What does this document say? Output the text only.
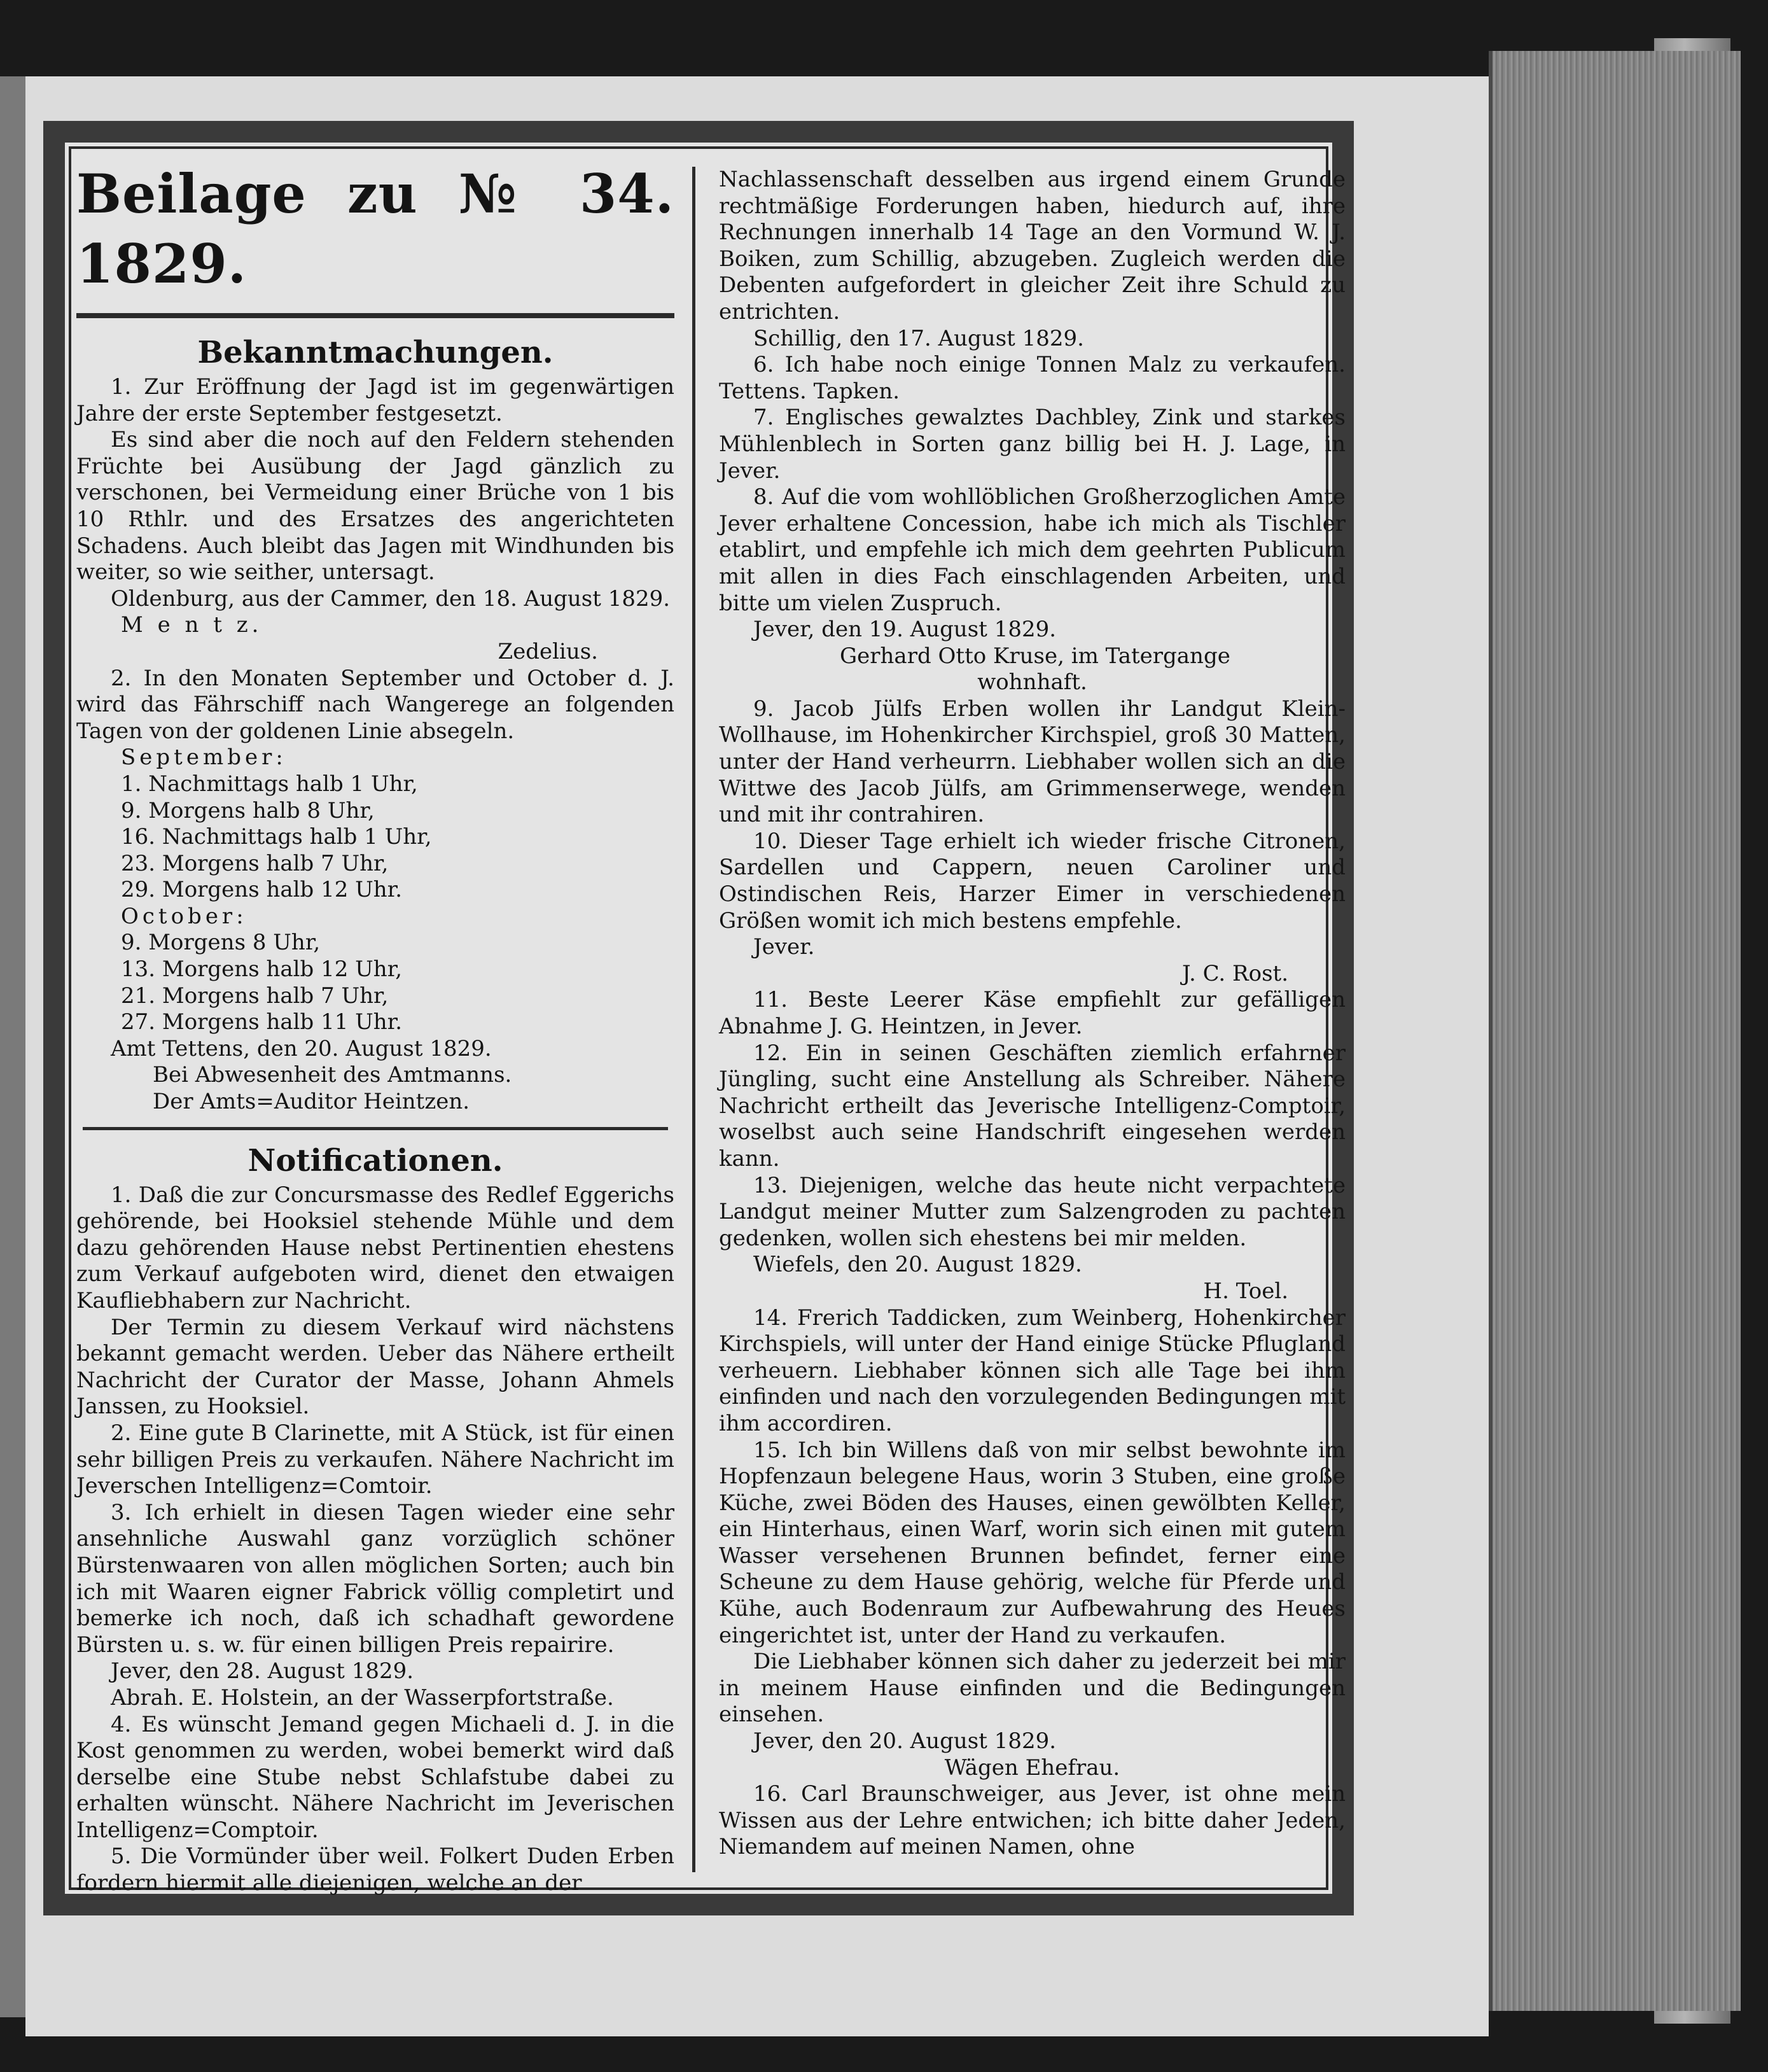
Beilage zu № 34. 1829.
Bekanntmachungen.

1. Zur Eröffnung der Jagd ist im gegenwärtigen Jahre der erste September festgesetzt.

Es sind aber die noch auf den Feldern stehenden Früchte bei Ausübung der Jagd gänzlich zu verschonen, bei Vermeidung einer Brüche von 1 bis 10 Rthlr. und des Ersatzes des angerichteten Schadens. Auch bleibt das Jagen mit Windhunden bis weiter, so wie seither, untersagt.

Oldenburg, aus der Cammer, den 18. August 1829.

M e n t z.

Zedelius.

2. In den Monaten September und October d. J. wird das Fährschiff nach Wangerege an folgenden Tagen von der goldenen Linie absegeln.

September:

1. Nachmittags halb 1 Uhr,

9. Morgens halb 8 Uhr,

16. Nachmittags halb 1 Uhr,

23. Morgens halb 7 Uhr,

29. Morgens halb 12 Uhr.

October:

9. Morgens 8 Uhr,

13. Morgens halb 12 Uhr,

21. Morgens halb 7 Uhr,

27. Morgens halb 11 Uhr.

Amt Tettens, den 20. August 1829.

Bei Abwesenheit des Amtmanns.

Der Amts=Auditor Heintzen.

Notificationen.

1. Daß die zur Concursmasse des Redlef Eggerichs gehörende, bei Hooksiel stehende Mühle und dem dazu gehörenden Hause nebst Pertinentien ehestens zum Verkauf aufgeboten wird, dienet den etwaigen Kaufliebhabern zur Nachricht.

Der Termin zu diesem Verkauf wird nächstens bekannt gemacht werden. Ueber das Nähere ertheilt Nachricht der Curator der Masse, Johann Ahmels Janssen, zu Hooksiel.

2. Eine gute B Clarinette, mit A Stück, ist für einen sehr billigen Preis zu verkaufen. Nähere Nachricht im Jeverschen Intelligenz=Comtoir.

3. Ich erhielt in diesen Tagen wieder eine sehr ansehnliche Auswahl ganz vorzüglich schöner Bürstenwaaren von allen möglichen Sorten; auch bin ich mit Waaren eigner Fabrick völlig completirt und bemerke ich noch, daß ich schadhaft gewordene Bürsten u. s. w. für einen billigen Preis repairire.

Jever, den 28. August 1829.

Abrah. E. Holstein, an der Wasserpfortstraße.

4. Es wünscht Jemand gegen Michaeli d. J. in die Kost genommen zu werden, wobei bemerkt wird daß derselbe eine Stube nebst Schlafstube dabei zu erhalten wünscht. Nähere Nachricht im Jeverischen Intelligenz=Comptoir.

5. Die Vormünder über weil. Folkert Duden Erben fordern hiermit alle diejenigen, welche an der

Nachlassenschaft desselben aus irgend einem Grunde rechtmäßige Forderungen haben, hiedurch auf, ihre Rechnungen innerhalb 14 Tage an den Vormund W. J. Boiken, zum Schillig, abzugeben. Zugleich werden die Debenten aufgefordert in gleicher Zeit ihre Schuld zu entrichten.

Schillig, den 17. August 1829.

6. Ich habe noch einige Tonnen Malz zu verkaufen. Tettens. Tapken.

7. Englisches gewalztes Dachbley, Zink und starkes Mühlenblech in Sorten ganz billig bei H. J. Lage, in Jever.

8. Auf die vom wohllöblichen Großherzoglichen Amte Jever erhaltene Concession, habe ich mich als Tischler etablirt, und empfehle ich mich dem geehrten Publicum mit allen in dies Fach einschlagenden Arbeiten, und bitte um vielen Zuspruch.

Jever, den 19. August 1829.

Gerhard Otto Kruse, im Tatergange

wohnhaft.

9. Jacob Jülfs Erben wollen ihr Landgut Klein-Wollhause, im Hohenkircher Kirchspiel, groß 30 Matten, unter der Hand verheurrn. Liebhaber wollen sich an die Wittwe des Jacob Jülfs, am Grimmenserwege, wenden und mit ihr contrahiren.

10. Dieser Tage erhielt ich wieder frische Citronen, Sardellen und Cappern, neuen Caroliner und Ostindischen Reis, Harzer Eimer in verschiedenen Größen womit ich mich bestens empfehle.

Jever.

J. C. Rost.

11. Beste Leerer Käse empfiehlt zur gefälligen Abnahme J. G. Heintzen, in Jever.

12. Ein in seinen Geschäften ziemlich erfahrner Jüngling, sucht eine Anstellung als Schreiber. Nähere Nachricht ertheilt das Jeverische Intelligenz-Comptoir, woselbst auch seine Handschrift eingesehen werden kann.

13. Diejenigen, welche das heute nicht verpachtete Landgut meiner Mutter zum Salzengroden zu pachten gedenken, wollen sich ehestens bei mir melden.

Wiefels, den 20. August 1829.

H. Toel.

14. Frerich Taddicken, zum Weinberg, Hohenkircher Kirchspiels, will unter der Hand einige Stücke Pflugland verheuern. Liebhaber können sich alle Tage bei ihm einfinden und nach den vorzulegenden Bedingungen mit ihm accordiren.

15. Ich bin Willens daß von mir selbst bewohnte im Hopfenzaun belegene Haus, worin 3 Stuben, eine große Küche, zwei Böden des Hauses, einen gewölbten Keller, ein Hinterhaus, einen Warf, worin sich einen mit gutem Wasser versehenen Brunnen befindet, ferner eine Scheune zu dem Hause gehörig, welche für Pferde und Kühe, auch Bodenraum zur Aufbewahrung des Heues eingerichtet ist, unter der Hand zu verkaufen.

Die Liebhaber können sich daher zu jederzeit bei mir in meinem Hause einfinden und die Bedingungen einsehen.

Jever, den 20. August 1829.

Wägen Ehefrau.

16. Carl Braunschweiger, aus Jever, ist ohne mein Wissen aus der Lehre entwichen; ich bitte daher Jeden, Niemandem auf meinen Namen, ohne
